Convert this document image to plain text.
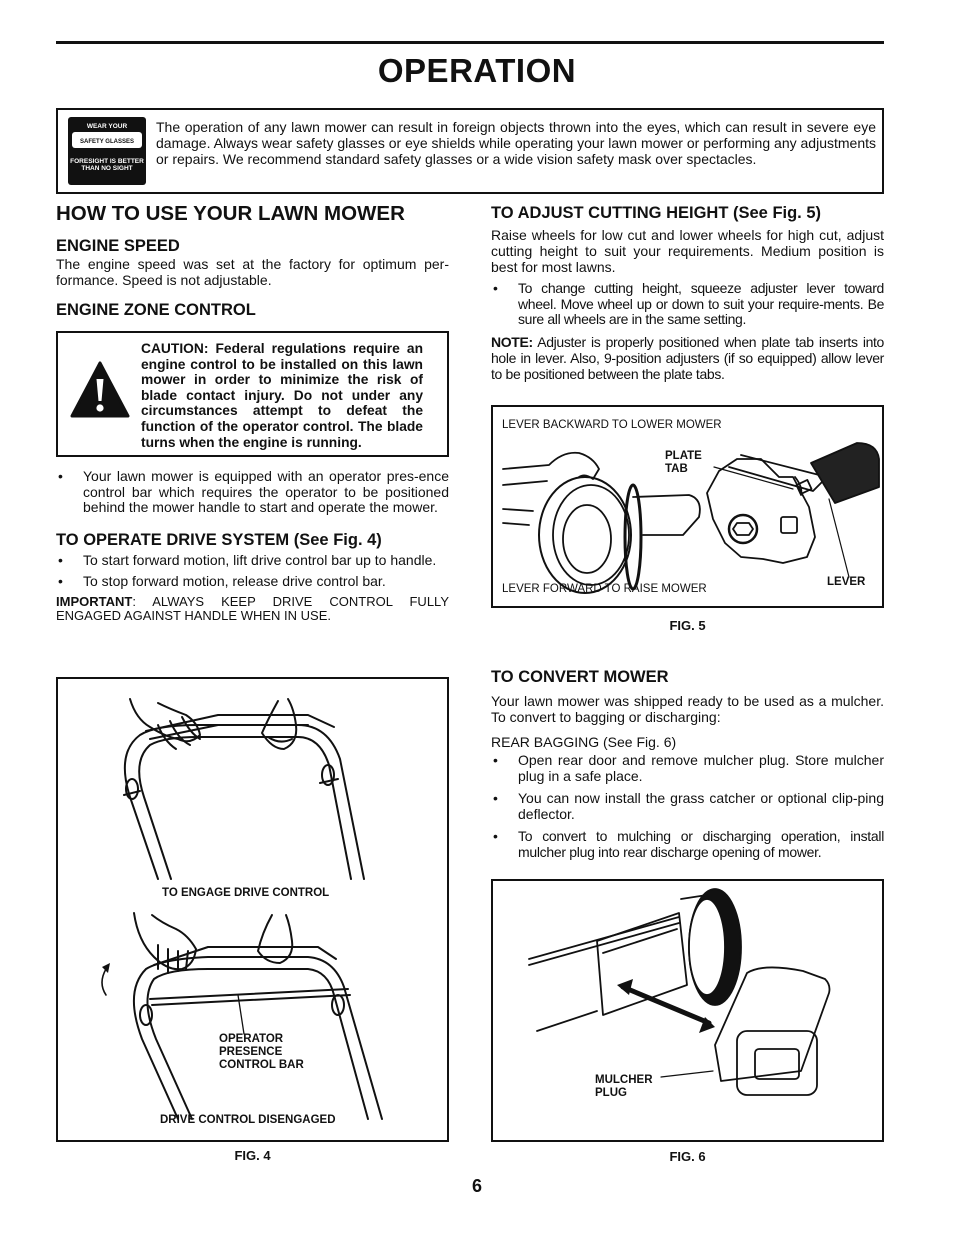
OPERATION
WEAR YOUR
SAFETY GLASSES
FORESIGHT IS BETTER
THAN NO SIGHT
The operation of any lawn mower can result in foreign objects thrown into the eyes, which can result in severe eye damage. Always wear safety glasses or eye shields while operating your lawn mower or performing any adjustments or repairs. We recommend standard safety glasses or a wide vision safety mask over spectacles.
HOW TO USE YOUR LAWN MOWER
ENGINE SPEED

The engine speed was set at the factory for optimum per-formance. Speed is not adjustable.

ENGINE ZONE CONTROL
CAUTION: Federal regulations require an engine control to be installed on this lawn mower in order to minimize the risk of blade contact injury. Do not under any circumstances attempt to defeat the function of the operator control. The blade turns when the engine is running.
• Your lawn mower is equipped with an operator pres-ence control bar which requires the operator to be positioned behind the mower handle to start and operate the mower.
TO OPERATE DRIVE SYSTEM (See Fig. 4)
• To start forward motion, lift drive control bar up to handle.
• To stop forward motion, release drive control bar.

IMPORTANT: ALWAYS KEEP DRIVE CONTROL FULLY ENGAGED AGAINST HANDLE WHEN IN USE.

TO ENGAGE DRIVE CONTROL
OPERATOR
PRESENCE
CONTROL BAR
DRIVE CONTROL DISENGAGED
FIG. 4
TO ADJUST CUTTING HEIGHT (See Fig. 5)

Raise wheels for low cut and lower wheels for high cut, adjust cutting height to suit your requirements. Medium position is best for most lawns.

• To change cutting height, squeeze adjuster lever toward wheel. Move wheel up or down to suit your require-ments. Be sure all wheels are in the same setting.

NOTE: Adjuster is properly positioned when plate tab inserts into hole in lever. Also, 9-position adjusters (if so equipped) allow lever to be positioned between the plate tabs.

LEVER BACKWARD TO LOWER MOWER
PLATE
TAB
LEVER FORWARD TO RAISE MOWER
LEVER
FIG. 5
TO CONVERT MOWER

Your lawn mower was shipped ready to be used as a mulcher. To convert to bagging or discharging:

REAR BAGGING (See Fig. 6)

• Open rear door and remove mulcher plug. Store mulcher plug in a safe place.
• You can now install the grass catcher or optional clip-ping deflector.
• To convert to mulching or discharging operation, install mulcher plug into rear discharge opening of mower.
MULCHER
PLUG
FIG. 6
6
